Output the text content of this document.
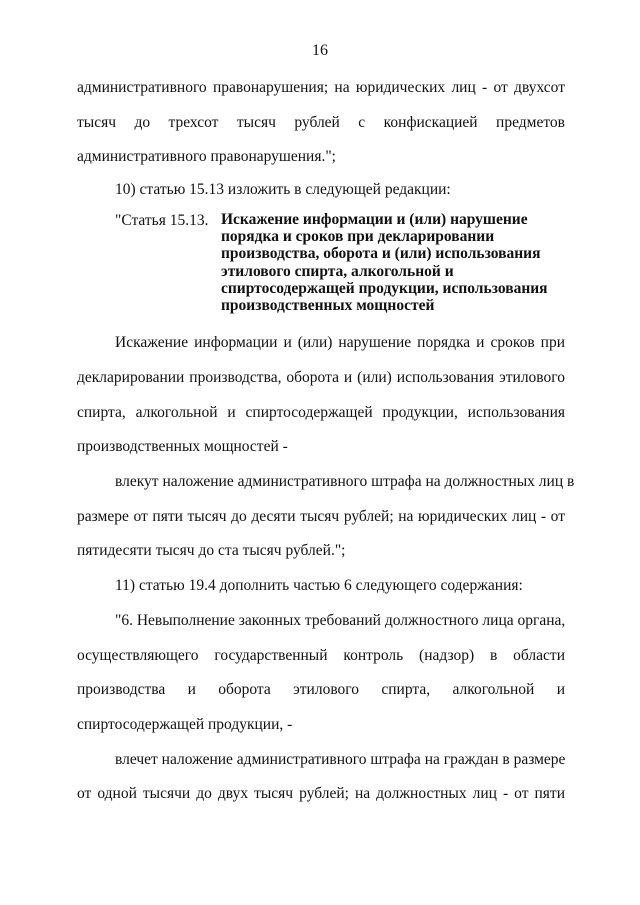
16
административного правонарушения; на юридических лиц - от двухсот
тысяч до трехсот тысяч рублей с конфискацией предметов
административного правонарушения.";
10) статью 15.13 изложить в следующей редакции:
"Статья 15.13. Искажение информации и (или) нарушение
порядка и сроков при декларировании
производства, оборота и (или) использования
этилового спирта, алкогольной и
спиртосодержащей продукции, использования
производственных мощностей
Искажение информации и (или) нарушение порядка и сроков при
декларировании производства, оборота и (или) использования этилового
спирта, алкогольной и спиртосодержащей продукции, использования
производственных мощностей -
влекут наложение административного штрафа на должностных лиц в
размере от пяти тысяч до десяти тысяч рублей; на юридических лиц - от
пятидесяти тысяч до ста тысяч рублей.";
11) статью 19.4 дополнить частью 6 следующего содержания:
"6. Невыполнение законных требований должностного лица органа,
осуществляющего государственный контроль (надзор) в области
производства и оборота этилового спирта, алкогольной и
спиртосодержащей продукции, -
влечет наложение административного штрафа на граждан в размере
от одной тысячи до двух тысяч рублей; на должностных лиц - от пяти
